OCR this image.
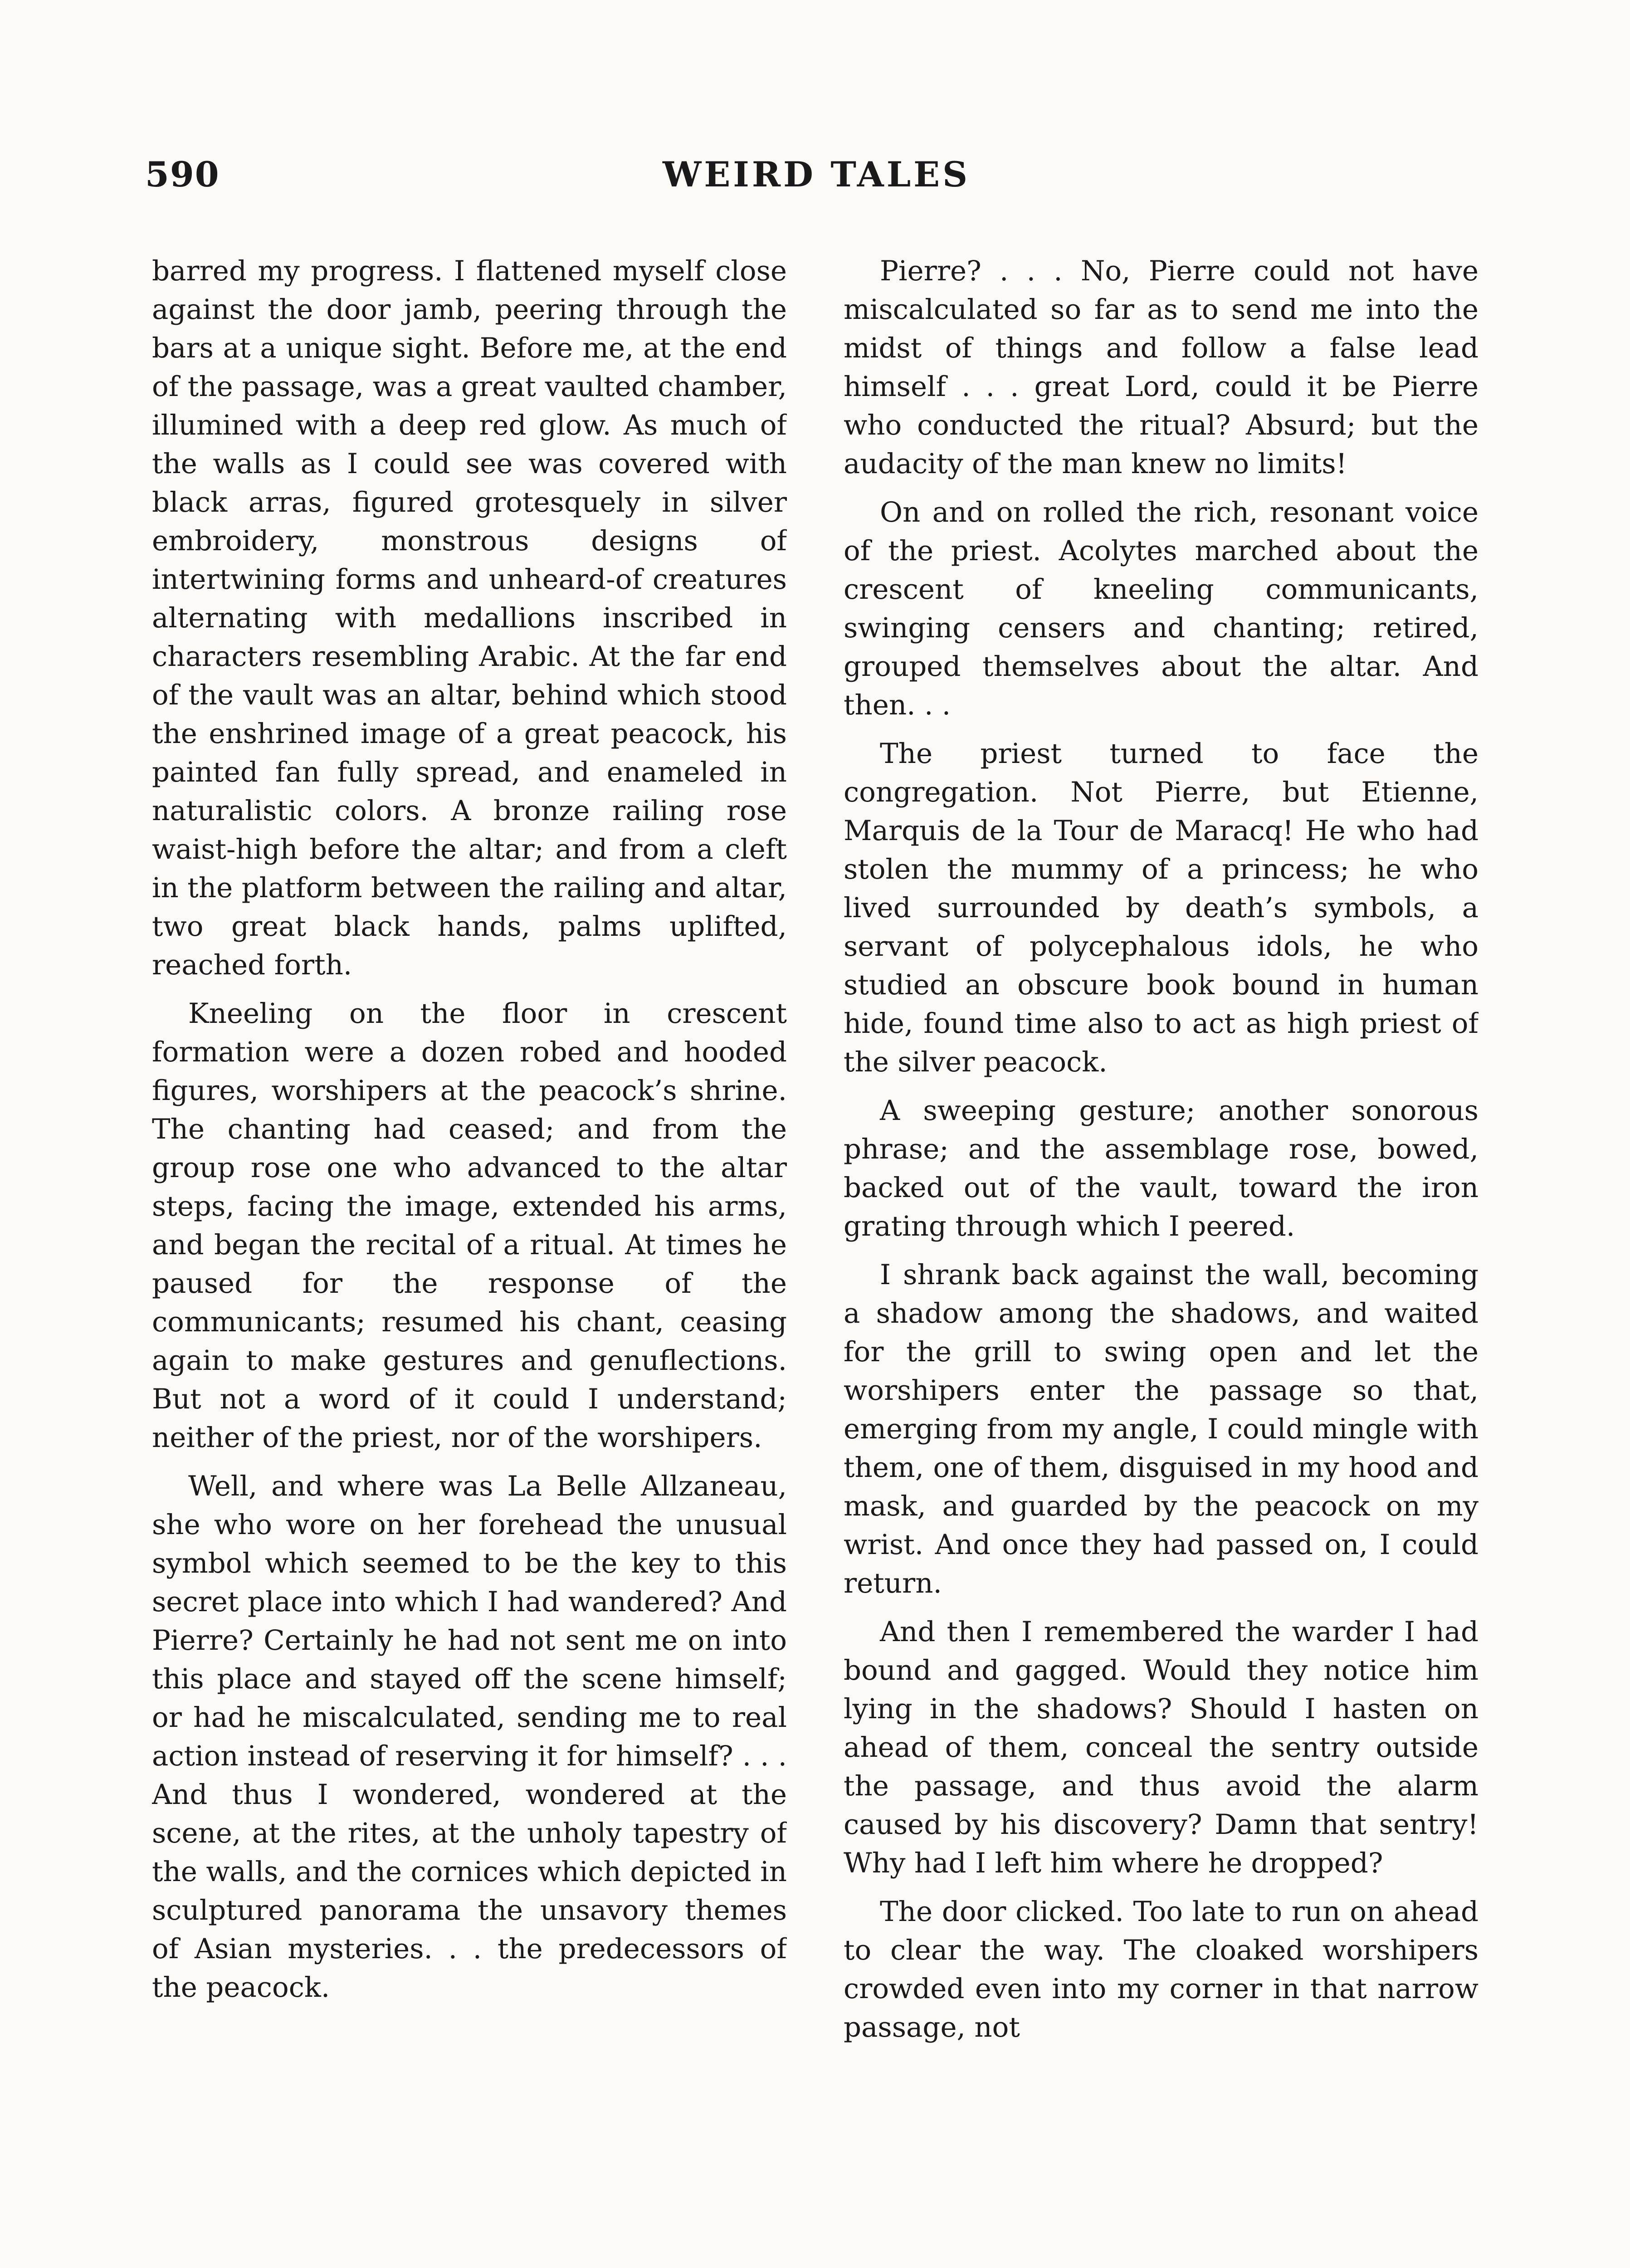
590	WEIRD TALES

barred my progress. I flattened myself close against the door jamb, peering through the bars at a unique sight. Before me, at the end of the passage, was a great vaulted chamber, illumined with a deep red glow. As much of the walls as I could see was covered with black arras, figured grotesquely in silver embroidery, monstrous designs of intertwining forms and unheard-of creatures alternating with medallions inscribed in characters resembling Arabic. At the far end of the vault was an altar, behind which stood the enshrined image of a great peacock, his painted fan fully spread, and enameled in naturalistic colors. A bronze railing rose waist-high before the altar; and from a cleft in the platform between the railing and altar, two great black hands, palms uplifted, reached forth.

Kneeling on the floor in crescent formation were a dozen robed and hooded figures, worshipers at the peacock’s shrine. The chanting had ceased; and from the group rose one who advanced to the altar steps, facing the image, extended his arms, and began the recital of a ritual. At times he paused for the response of the communicants; resumed his chant, ceasing again to make gestures and genuflections. But not a word of it could I understand; neither of the priest, nor of the worshipers.

Well, and where was La Belle Allzaneau, she who wore on her forehead the unusual symbol which seemed to be the key to this secret place into which I had wandered? And Pierre? Certainly he had not sent me on into this place and stayed off the scene himself; or had he miscalculated, sending me to real action instead of reserving it for himself? . . . And thus I wondered, wondered at the scene, at the rites, at the unholy tapestry of the walls, and the cornices which depicted in sculptured panorama the unsavory themes of Asian mysteries. . . the predecessors of the peacock.

Pierre? . . . No, Pierre could not have miscalculated so far as to send me into the midst of things and follow a false lead himself . . . great Lord, could it be Pierre who conducted the ritual? Absurd; but the audacity of the man knew no limits!

On and on rolled the rich, resonant voice of the priest. Acolytes marched about the crescent of kneeling communicants, swinging censers and chanting; retired, grouped themselves about the altar. And then. . .

The priest turned to face the congregation. Not Pierre, but Etienne, Marquis de la Tour de Maracq! He who had stolen the mummy of a princess; he who lived surrounded by death’s symbols, a servant of polycephalous idols, he who studied an obscure book bound in human hide, found time also to act as high priest of the silver peacock.

A sweeping gesture; another sonorous phrase; and the assemblage rose, bowed, backed out of the vault, toward the iron grating through which I peered.

I shrank back against the wall, becoming a shadow among the shadows, and waited for the grill to swing open and let the worshipers enter the passage so that, emerging from my angle, I could mingle with them, one of them, disguised in my hood and mask, and guarded by the peacock on my wrist. And once they had passed on, I could return.

And then I remembered the warder I had bound and gagged. Would they notice him lying in the shadows? Should I hasten on ahead of them, conceal the sentry outside the passage, and thus avoid the alarm caused by his discovery? Damn that sentry! Why had I left him where he dropped?

The door clicked. Too late to run on ahead to clear the way. The cloaked worshipers crowded even into my corner in that narrow passage, not
